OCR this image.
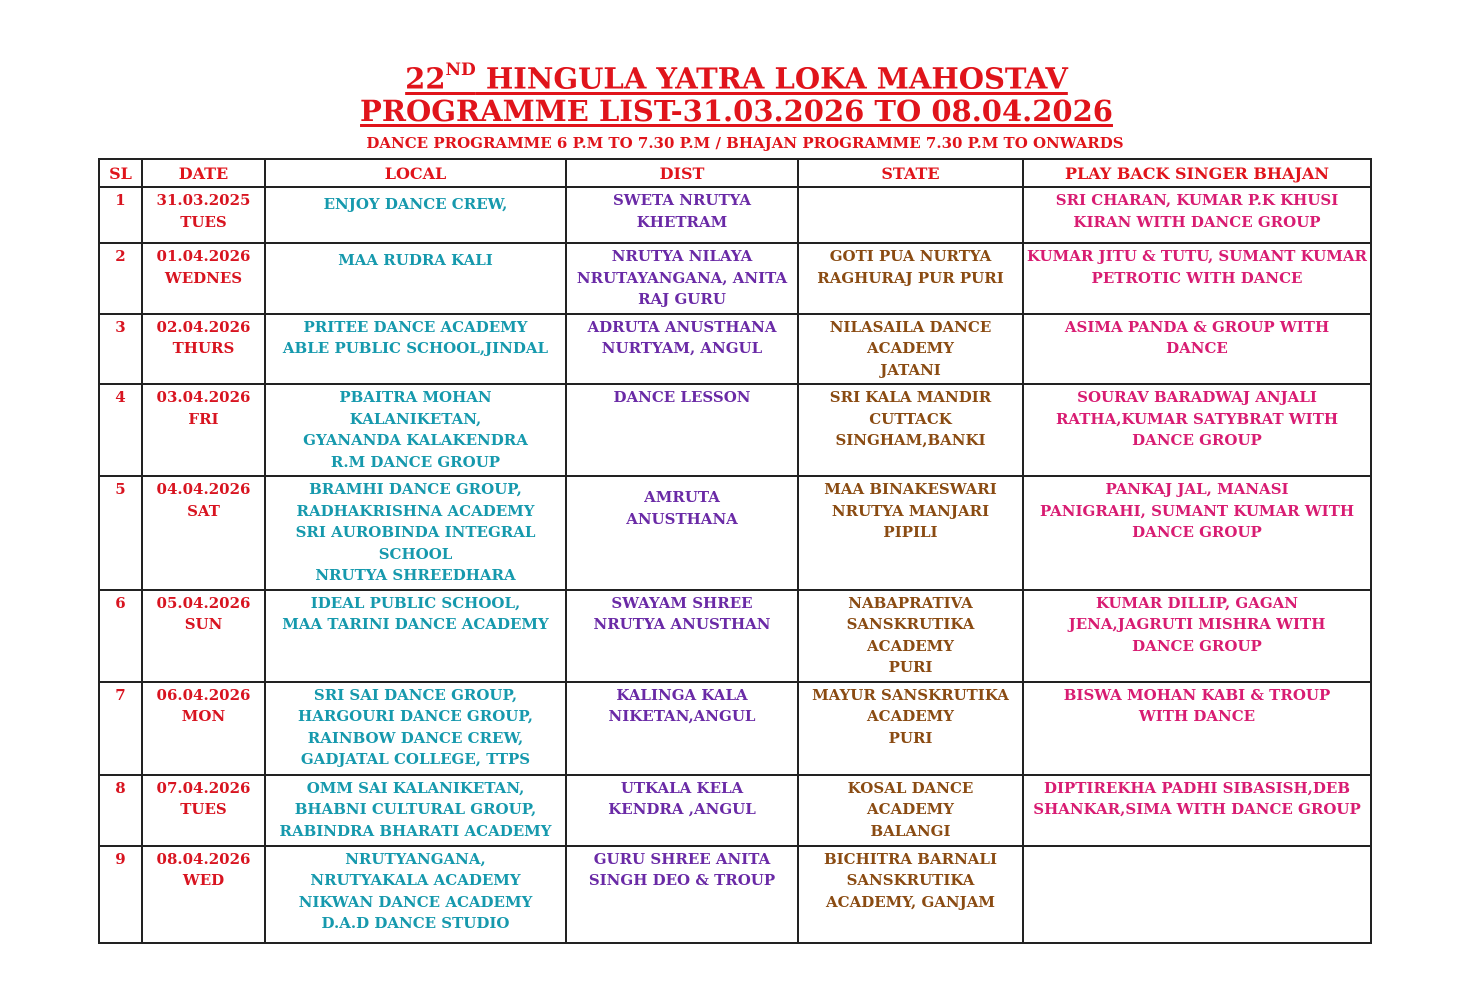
22ND HINGULA YATRA LOKA MAHOSTAV
PROGRAMME LIST-31.03.2026 TO 08.04.2026
DANCE PROGRAMME 6 P.M TO 7.30 P.M / BHAJAN PROGRAMME 7.30 P.M TO ONWARDS
SL	DATE	LOCAL	DIST	STATE	PLAY BACK SINGER BHAJAN

1	31.03.2025
TUES	ENJOY DANCE CREW,	SWETA NRUTYA
KHETRAM		SRI CHARAN, KUMAR P.K KHUSI
KIRAN WITH DANCE GROUP

2	01.04.2026
WEDNES	MAA RUDRA KALI	NRUTYA NILAYA
NRUTAYANGANA, ANITA
RAJ GURU	GOTI PUA NURTYA
RAGHURAJ PUR PURI	KUMAR JITU & TUTU, SUMANT KUMAR
PETROTIC WITH DANCE

3	02.04.2026
THURS	PRITEE DANCE ACADEMY
ABLE PUBLIC SCHOOL,JINDAL	ADRUTA ANUSTHANA
NURTYAM, ANGUL	NILASAILA DANCE
ACADEMY
JATANI	ASIMA PANDA & GROUP WITH
DANCE

4	03.04.2026
FRI	PBAITRA MOHAN
KALANIKETAN,
GYANANDA KALAKENDRA
R.M DANCE GROUP	DANCE LESSON	SRI KALA MANDIR
CUTTACK
SINGHAM,BANKI	SOURAV BARADWAJ ANJALI
RATHA,KUMAR SATYBRAT WITH
DANCE GROUP

5	04.04.2026
SAT	BRAMHI DANCE GROUP,
RADHAKRISHNA ACADEMY
SRI AUROBINDA INTEGRAL
SCHOOL
NRUTYA SHREEDHARA	AMRUTA
ANUSTHANA	MAA BINAKESWARI
NRUTYA MANJARI
PIPILI	PANKAJ JAL, MANASI
PANIGRAHI, SUMANT KUMAR WITH
DANCE GROUP

6	05.04.2026
SUN	IDEAL PUBLIC SCHOOL,
MAA TARINI DANCE ACADEMY	SWAYAM SHREE
NRUTYA ANUSTHAN	NABAPRATIVA
SANSKRUTIKA
ACADEMY
PURI	KUMAR DILLIP, GAGAN
JENA,JAGRUTI MISHRA WITH
DANCE GROUP

7	06.04.2026
MON	SRI SAI DANCE GROUP,
HARGOURI DANCE GROUP,
RAINBOW DANCE CREW,
GADJATAL COLLEGE, TTPS	KALINGA KALA
NIKETAN,ANGUL	MAYUR SANSKRUTIKA
ACADEMY
PURI	BISWA MOHAN KABI & TROUP
WITH DANCE

8	07.04.2026
TUES	OMM SAI KALANIKETAN,
BHABNI CULTURAL GROUP,
RABINDRA BHARATI ACADEMY	UTKALA KELA
KENDRA ,ANGUL	KOSAL DANCE
ACADEMY
BALANGI	DIPTIREKHA PADHI SIBASISH,DEB
SHANKAR,SIMA WITH DANCE GROUP

9	08.04.2026
WED	NRUTYANGANA,
NRUTYAKALA ACADEMY
NIKWAN DANCE ACADEMY
D.A.D DANCE STUDIO	GURU SHREE ANITA
SINGH DEO & TROUP	BICHITRA BARNALI
SANSKRUTIKA
ACADEMY, GANJAM	
